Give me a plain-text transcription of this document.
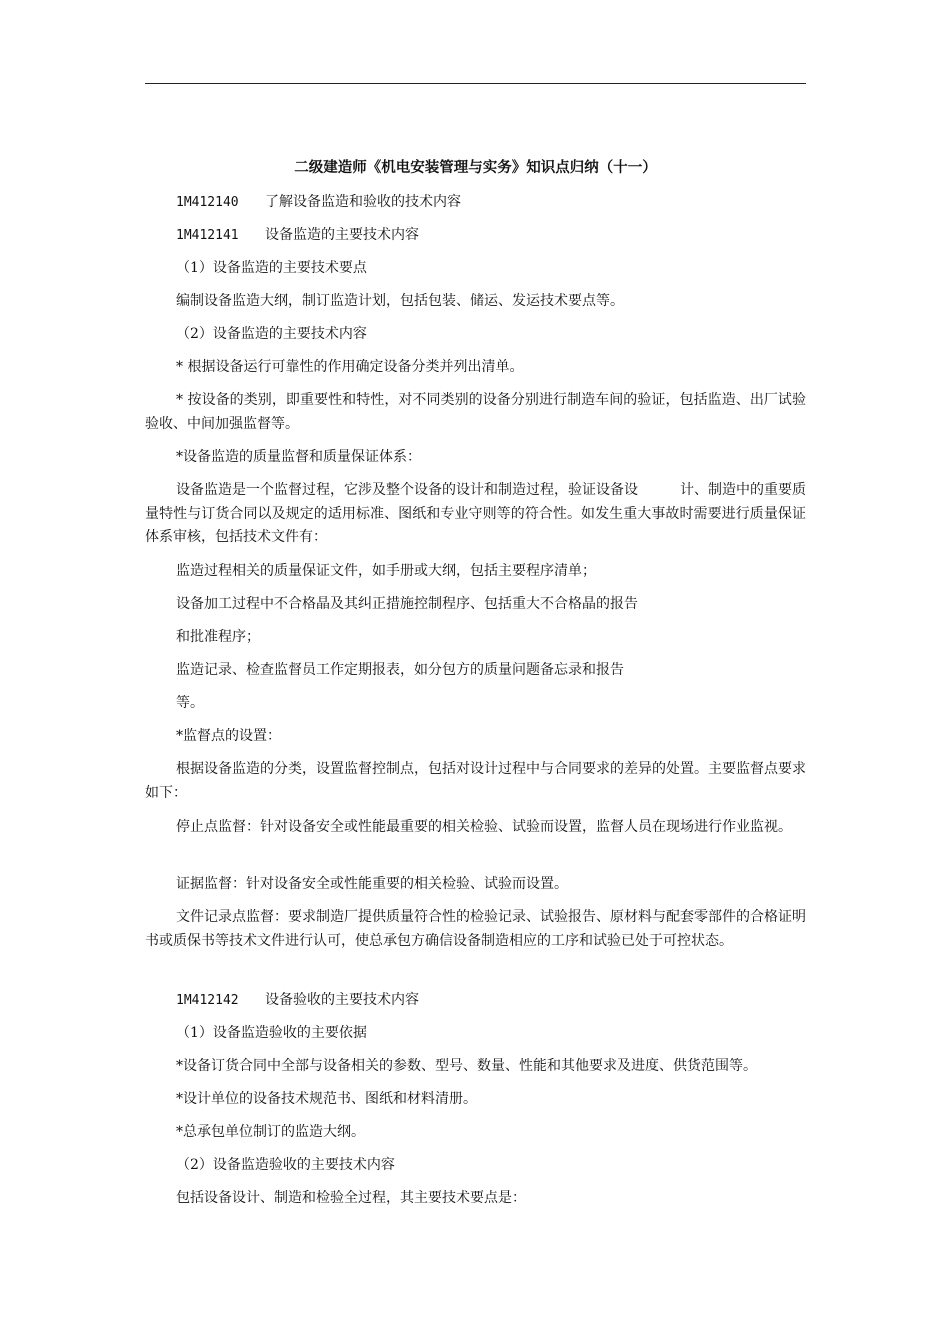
二级建造师《机电安装管理与实务》知识点归纳（十一）
1M412140 了解设备监造和验收的技术内容
1M412141 设备监造的主要技术内容
（1）设备监造的主要技术要点
编制设备监造大纲，制订监造计划，包括包装、储运、发运技术要点等。
（2）设备监造的主要技术内容
* 根据设备运行可靠性的作用确定设备分类并列出清单。
* 按设备的类别，即重要性和特性，对不同类别的设备分别进行制造车间的验证，包括监造、出厂试验验收、中间加强监督等。
*设备监造的质量监督和质量保证体系：
设备监造是一个监督过程，它涉及整个设备的设计和制造过程，验证设备设　　　计、制造中的重要质量特性与订货合同以及规定的适用标准、图纸和专业守则等的符合性。如发生重大事故时需要进行质量保证体系审核，包括技术文件有：
监造过程相关的质量保证文件，如手册或大纲，包括主要程序清单；
设备加工过程中不合格晶及其纠正措施控制程序、包括重大不合格晶的报告
和批准程序；
监造记录、检查监督员工作定期报表，如分包方的质量问题备忘录和报告
等。
*监督点的设置：
根据设备监造的分类，设置监督控制点，包括对设计过程中与合同要求的差异的处置。主要监督点要求如下：
停止点监督：针对设备安全或性能最重要的相关检验、试验而设置，监督人员在现场进行作业监视。
证据监督：针对设备安全或性能重要的相关检验、试验而设置。
文件记录点监督：要求制造厂提供质量符合性的检验记录、试验报告、原材料与配套零部件的合格证明书或质保书等技术文件进行认可，使总承包方确信设备制造相应的工序和试验已处于可控状态。
1M412142 设备验收的主要技术内容
（1）设备监造验收的主要依据
*设备订货合同中全部与设备相关的参数、型号、数量、性能和其他要求及进度、供货范围等。
*设计单位的设备技术规范书、图纸和材料清册。
*总承包单位制订的监造大纲。
（2）设备监造验收的主要技术内容
包括设备设计、制造和检验全过程，其主要技术要点是：
